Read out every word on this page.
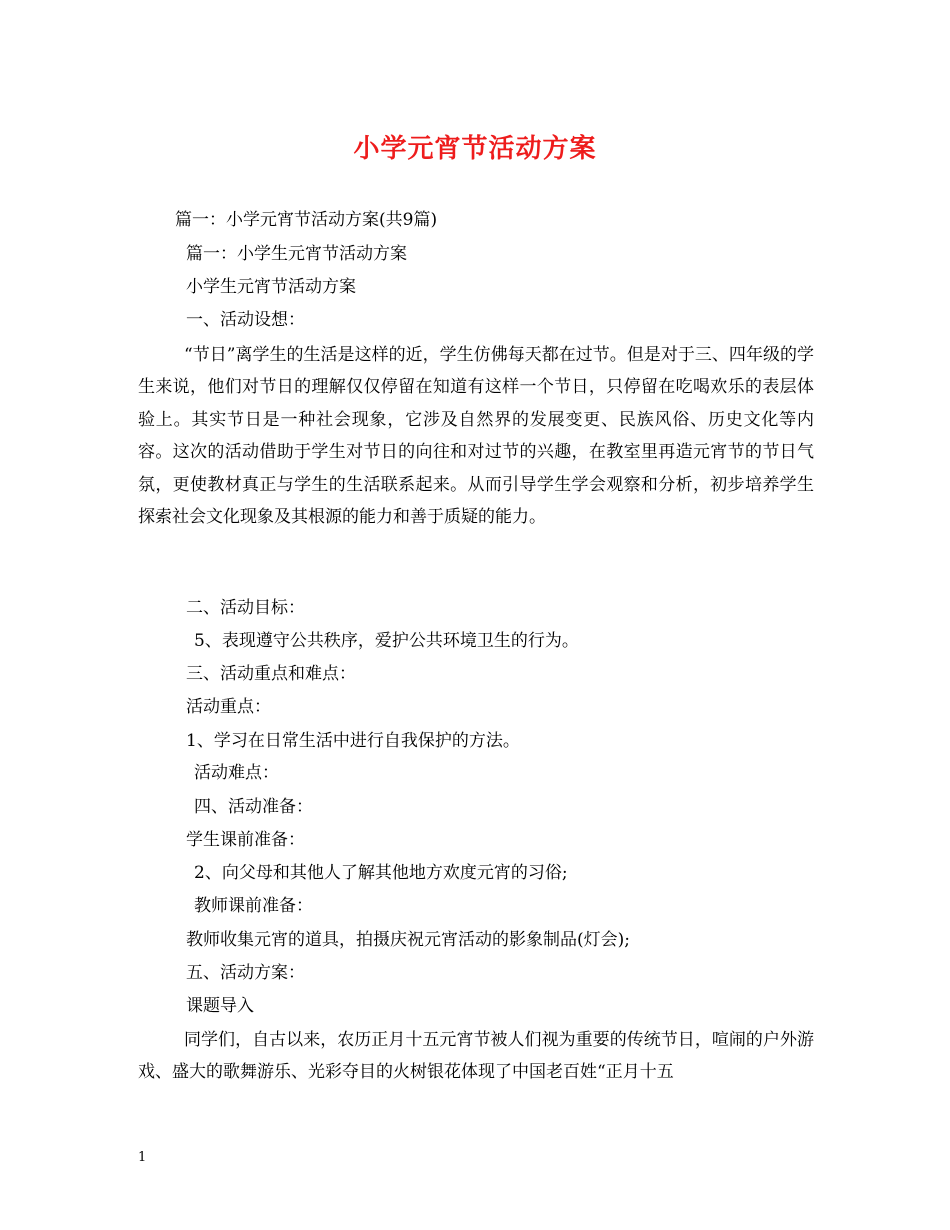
小学元宵节活动方案
篇一：小学元宵节活动方案(共9篇)
篇一：小学生元宵节活动方案
小学生元宵节活动方案
一、活动设想：
“节日”离学生的生活是这样的近，学生仿佛每天都在过节。但是对于三、四年级的学生来说，他们对节日的理解仅仅停留在知道有这样一个节日，只停留在吃喝欢乐的表层体验上。其实节日是一种社会现象，它涉及自然界的发展变更、民族风俗、历史文化等内容。这次的活动借助于学生对节日的向往和对过节的兴趣，在教室里再造元宵节的节日气氛，更使教材真正与学生的生活联系起来。从而引导学生学会观察和分析，初步培养学生探索社会文化现象及其根源的能力和善于质疑的能力。
二、活动目标：
5、表现遵守公共秩序，爱护公共环境卫生的行为。
三、活动重点和难点：
活动重点：
1、学习在日常生活中进行自我保护的方法。
活动难点：
四、活动准备：
学生课前准备：
2、向父母和其他人了解其他地方欢度元宵的习俗;
教师课前准备：
教师收集元宵的道具，拍摄庆祝元宵活动的影象制品(灯会);
五、活动方案：
课题导入
同学们，自古以来，农历正月十五元宵节被人们视为重要的传统节日，喧闹的户外游戏、盛大的歌舞游乐、光彩夺目的火树银花体现了中国老百姓“正月十五
1
